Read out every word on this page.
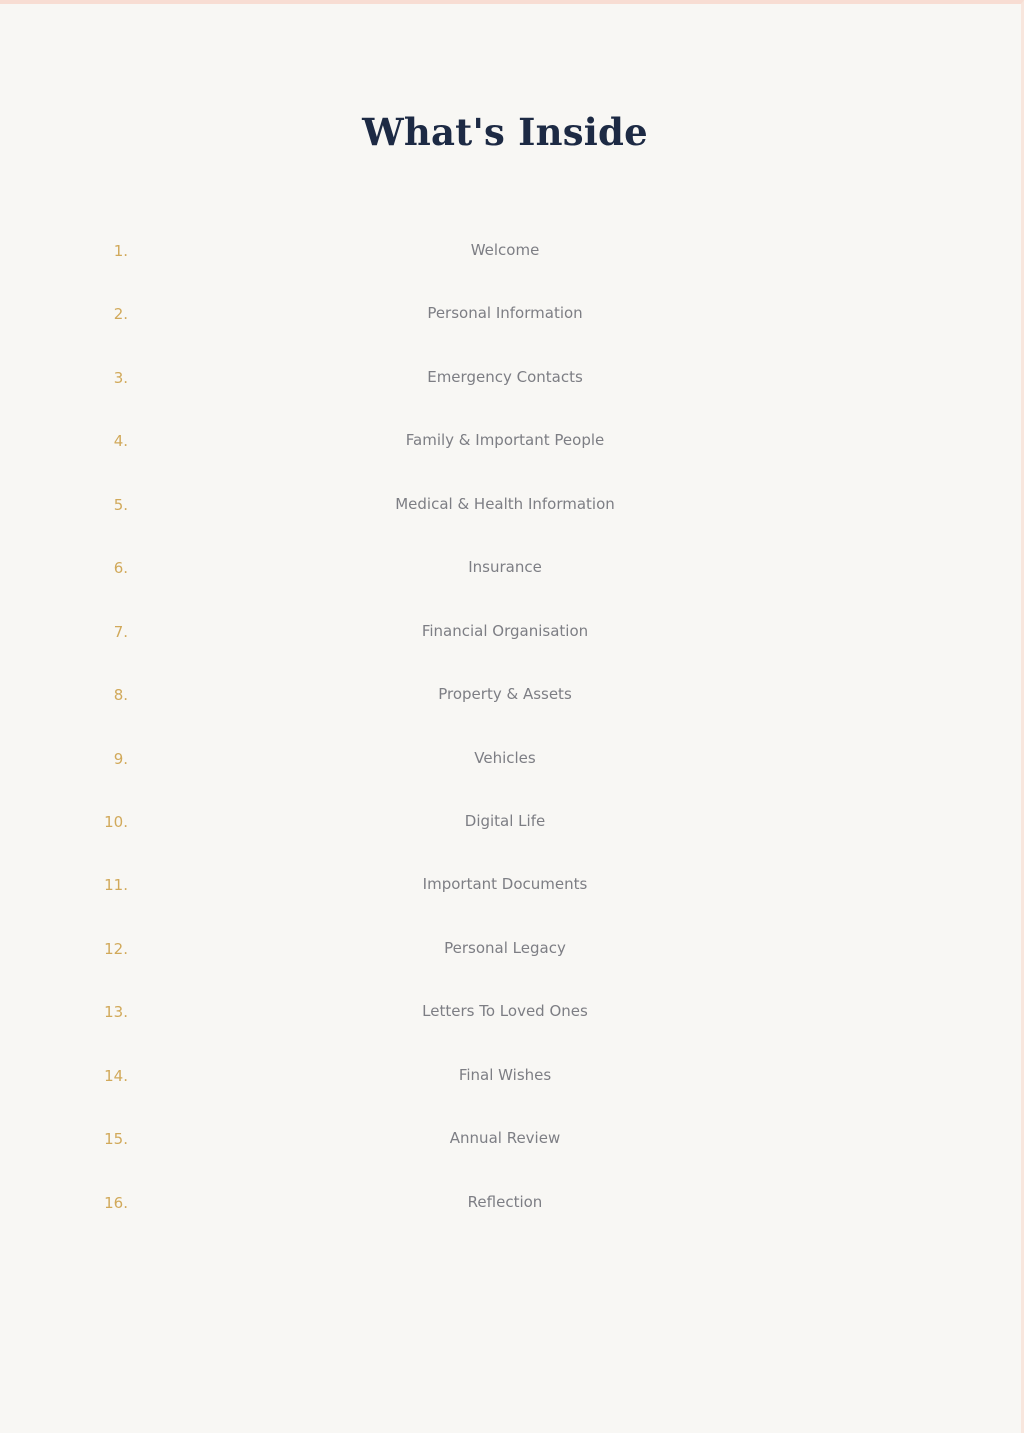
What's Inside
1.	Welcome
2.	Personal Information
3.	Emergency Contacts
4.	Family & Important People
5.	Medical & Health Information
6.	Insurance
7.	Financial Organisation
8.	Property & Assets
9.	Vehicles
10.	Digital Life
11.	Important Documents
12.	Personal Legacy
13.	Letters To Loved Ones
14.	Final Wishes
15.	Annual Review
16.	Reflection
